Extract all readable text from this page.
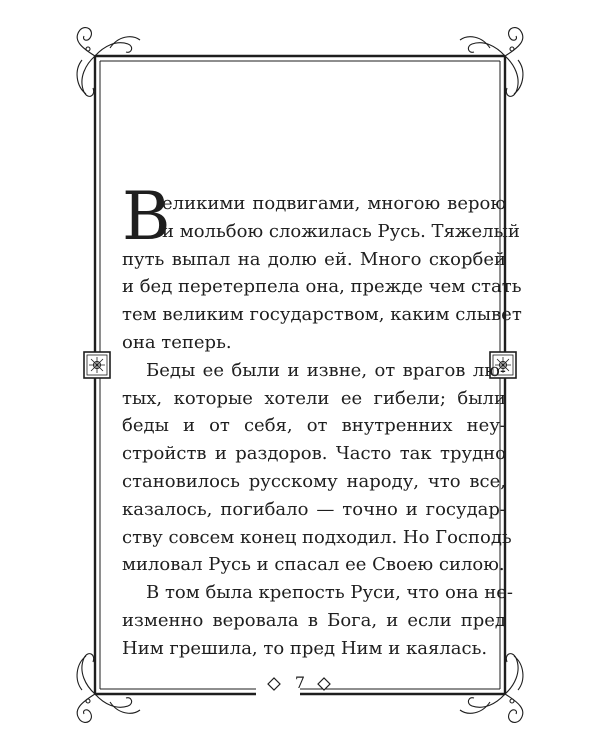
В

еликими подвигами, многою верою
и мольбою сложилась Русь. Тяжелый
путь выпал на долю ей. Много скорбей
и бед перетерпела она, прежде чем стать
тем великим государством, каким слывет
она теперь.

Беды ее были и извне, от врагов лю-
тых, которые хотели ее гибели; были
беды и от себя, от внутренних неу-
стройств и раздоров. Часто так трудно
становилось русскому народу, что все,
казалось, погибало — точно и государ-
ству совсем конец подходил. Но Господь
миловал Русь и спасал ее Своею силою.

В том была крепость Руси, что она не-
изменно веровала в Бога, и если пред
Ним грешила, то пред Ним и каялась.

7
